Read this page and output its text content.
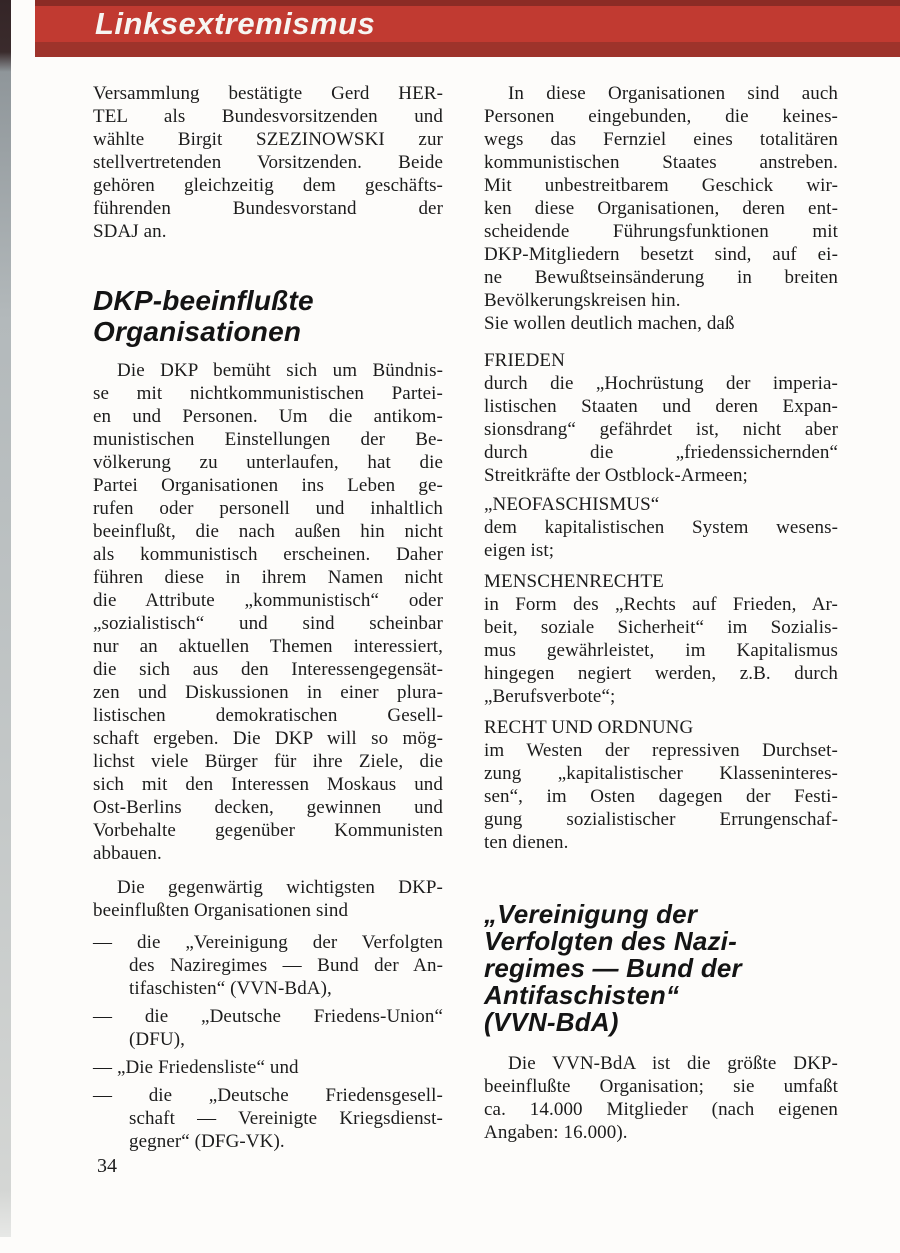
Linksextremismus
Versammlung bestätigte Gerd HER-
TEL als Bundesvorsitzenden und
wählte Birgit SZEZINOWSKI zur
stellvertretenden Vorsitzenden. Beide
gehören gleichzeitig dem geschäfts-
führenden Bundesvorstand der
SDAJ an.
DKP-beeinflußte
Organisationen
Die DKP bemüht sich um Bündnis-
se mit nichtkommunistischen Partei-
en und Personen. Um die antikom-
munistischen Einstellungen der Be-
völkerung zu unterlaufen, hat die
Partei Organisationen ins Leben ge-
rufen oder personell und inhaltlich
beeinflußt, die nach außen hin nicht
als kommunistisch erscheinen. Daher
führen diese in ihrem Namen nicht
die Attribute „kommunistisch“ oder
„sozialistisch“ und sind scheinbar
nur an aktuellen Themen interessiert,
die sich aus den Interessengegensät-
zen und Diskussionen in einer plura-
listischen demokratischen Gesell-
schaft ergeben. Die DKP will so mög-
lichst viele Bürger für ihre Ziele, die
sich mit den Interessen Moskaus und
Ost-Berlins decken, gewinnen und
Vorbehalte gegenüber Kommunisten
abbauen.
Die gegenwärtig wichtigsten DKP-
beeinflußten Organisationen sind
— die „Vereinigung der Verfolgten
des Naziregimes — Bund der An-
tifaschisten“ (VVN-BdA),
— die „Deutsche Friedens-Union“
(DFU),
— „Die Friedensliste“ und
— die „Deutsche Friedensgesell-
schaft — Vereinigte Kriegsdienst-
gegner“ (DFG-VK).
In diese Organisationen sind auch
Personen eingebunden, die keines-
wegs das Fernziel eines totalitären
kommunistischen Staates anstreben.
Mit unbestreitbarem Geschick wir-
ken diese Organisationen, deren ent-
scheidende Führungsfunktionen mit
DKP-Mitgliedern besetzt sind, auf ei-
ne Bewußtseinsänderung in breiten
Bevölkerungskreisen hin.
Sie wollen deutlich machen, daß
FRIEDEN
durch die „Hochrüstung der imperia-
listischen Staaten und deren Expan-
sionsdrang“ gefährdet ist, nicht aber
durch die „friedenssichernden“
Streitkräfte der Ostblock-Armeen;
„NEOFASCHISMUS“
dem kapitalistischen System wesens-
eigen ist;
MENSCHENRECHTE
in Form des „Rechts auf Frieden, Ar-
beit, soziale Sicherheit“ im Sozialis-
mus gewährleistet, im Kapitalismus
hingegen negiert werden, z.B. durch
„Berufsverbote“;
RECHT UND ORDNUNG
im Westen der repressiven Durchset-
zung „kapitalistischer Klasseninteres-
sen“, im Osten dagegen der Festi-
gung sozialistischer Errungenschaf-
ten dienen.
„Vereinigung der
Verfolgten des Nazi-
regimes — Bund der
Antifaschisten“
(VVN-BdA)
Die VVN-BdA ist die größte DKP-
beeinflußte Organisation; sie umfaßt
ca. 14.000 Mitglieder (nach eigenen
Angaben: 16.000).
34
